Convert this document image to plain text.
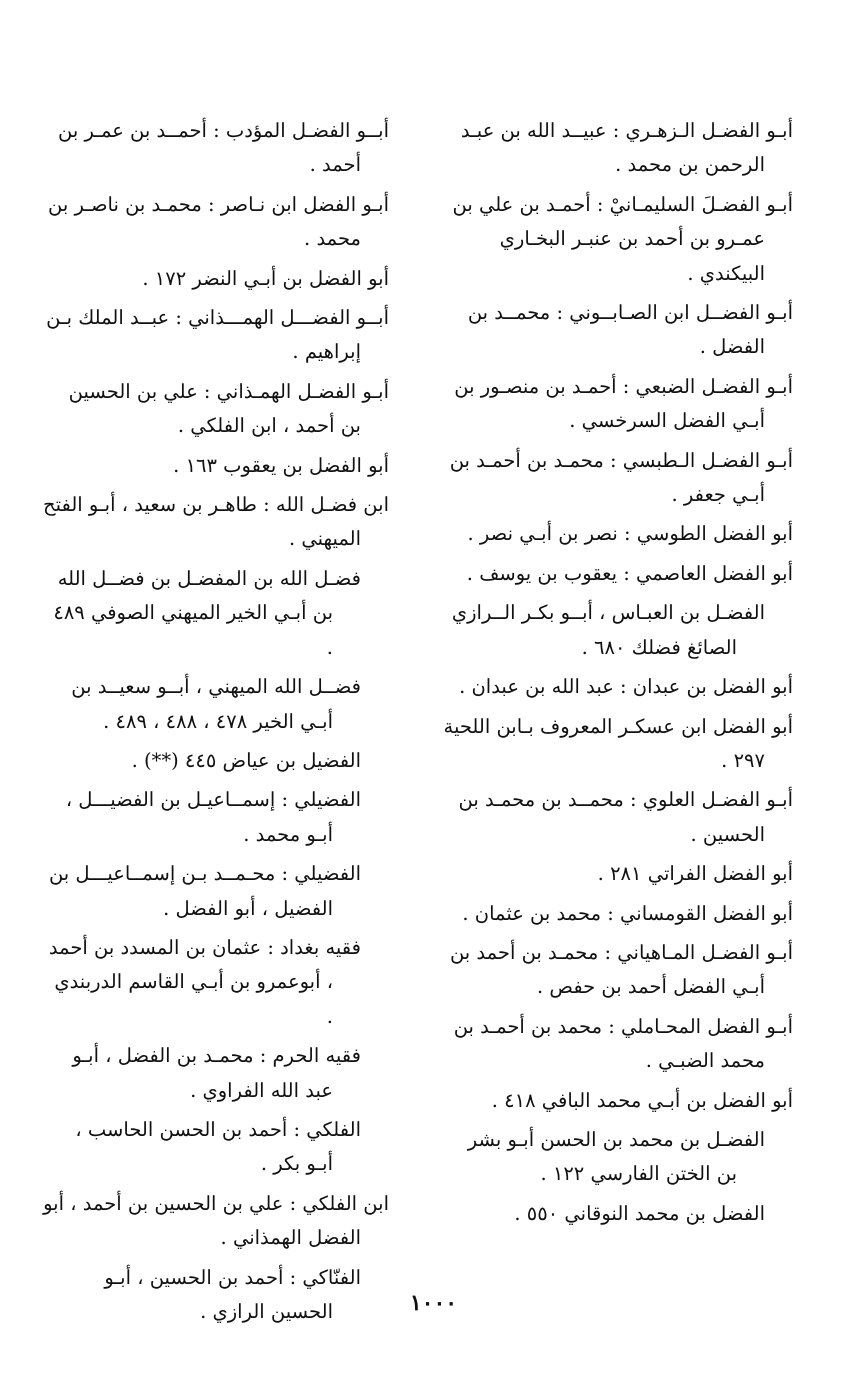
أبـو الفضـل الـزهـري : عبيــد الله بن عبـد الرحمن بن محمد .

أبـو الفضـلَ السليمـانيْ : أحمـد بن علي بن عمـرو بن أحمد بن عنبـر البخـاري البيكندي .

أبـو الفضــل ابن الصـابــوني : محمــد بن الفضل .

أبـو الفضـل الضبعي : أحمـد بن منصـور بن أبـي الفضل السرخسي .

أبـو الفضـل الـطبسي : محمـد بن أحمـد بن أبـي جعفر .

أبو الفضل الطوسي : نصر بن أبـي نصر .

أبو الفضل العاصمي : يعقوب بن يوسف .

الفضـل بن العبـاس ، أبــو بكـر الــرازي الصائغ فضلك ٦٨٠ .

أبو الفضل بن عبدان : عبد الله بن عبدان .

أبو الفضل ابن عسكـر المعروف بـابن اللحية ٢٩٧ .

أبـو الفضـل العلوي : محمــد بن محمـد بن الحسين .

أبو الفضل الفراتي ٢٨١ .

أبو الفضل القومساني : محمد بن عثمان .

أبـو الفضـل المـاهياني : محمـد بن أحمد بن أبـي الفضل أحمد بن حفص .

أبـو الفضل المحـاملي : محمد بن أحمـد بن محمد الضبـي .

أبو الفضل بن أبـي محمد البافي ٤١٨ .

الفضـل بن محمد بن الحسن أبـو بشر بن الختن الفارسي ١٢٢ .

الفضل بن محمد النوقاني ٥٥٠ .

أبــو الفضـل المؤدب : أحمــد بن عمـر بن أحمد .

أبـو الفضل ابن نـاصر : محمـد بن ناصـر بن محمد .

أبو الفضل بن أبـي النضر ١٧٢ .

أبــو الفضـــل الهمـــذاني : عبــد الملك بـن إبراهيم .

أبـو الفضـل الهمـذاني : علي بن الحسين بن أحمد ، ابن الفلكي .

أبو الفضل بن يعقوب ١٦٣ .

ابن فضـل الله : طاهـر بن سعيد ، أبـو الفتح الميهني .

فضـل الله بن المفضـل بن فضــل الله بن أبـي الخير الميهني الصوفي ٤٨٩ .

فضــل الله الميهني ، أبــو سعيــد بن أبـي الخير ٤٧٨ ، ٤٨٨ ، ٤٨٩ .

الفضيل بن عياض ٤٤٥ (**) .

الفضيلي : إسمــاعيـل بن الفضيـــل ، أبـو محمد .

الفضيلي : محـمــد بـن إسمــاعيـــل بن الفضيل ، أبو الفضل .

فقيه بغداد : عثمان بن المسدد بن أحمد ، أبوعمرو بن أبـي القاسم الدربندي .

فقيه الحرم : محمـد بن الفضل ، أبـو عبد الله الفراوي .

الفلكي : أحمد بن الحسن الحاسب ، أبـو بكر .

ابن الفلكي : علي بن الحسين بن أحمد ، أبو الفضل الهمذاني .

الفنّاكي : أحمد بن الحسين ، أبـو الحسين الرازي .	١٠٠٠
